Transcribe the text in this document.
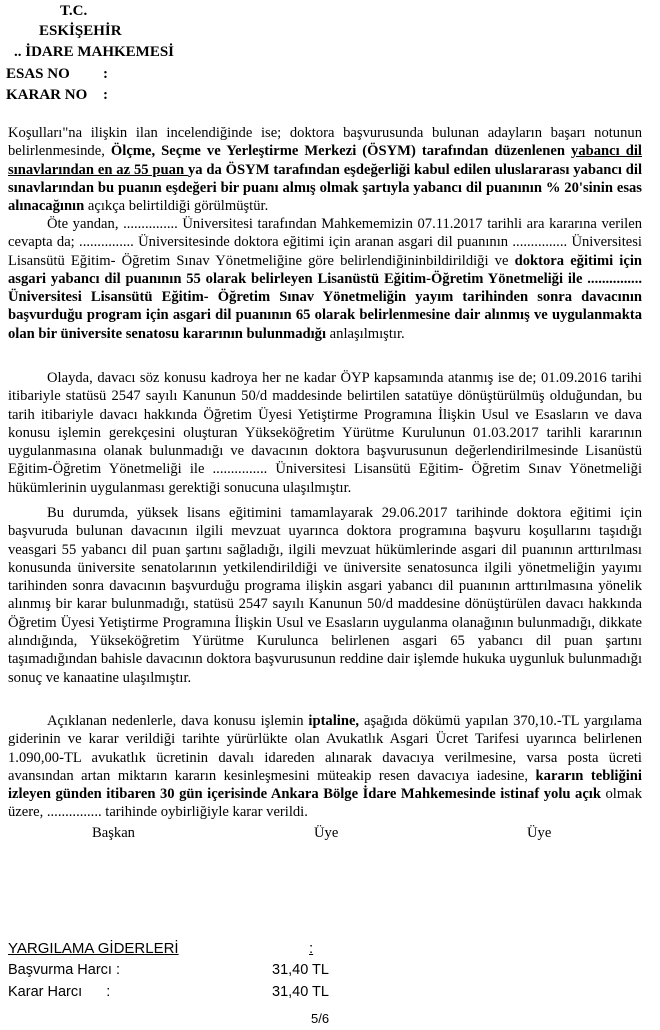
T.C.
ESKİŞEHİR
.. İDARE MAHKEMESİ
ESAS NO :
KARAR NO :

Koşulları"na ilişkin ilan incelendiğinde ise; doktora başvurusunda bulunan adayların başarı notunun belirlenmesinde, Ölçme, Seçme ve Yerleştirme Merkezi (ÖSYM) tarafından düzenlenen yabancı dil sınavlarından en az 55 puan ya da ÖSYM tarafından eşdeğerliği kabul edilen uluslararası yabancı dil sınavlarından bu puanın eşdeğeri bir puanı almış olmak şartıyla yabancı dil puanının % 20'sinin esas alınacağının açıkça belirtildiği görülmüştür.

Öte yandan, ............... Üniversitesi tarafından Mahkememizin 07.11.2017 tarihli ara kararına verilen cevapta da; ............... Üniversitesinde doktora eğitimi için aranan asgari dil puanının ............... Üniversitesi Lisansütü Eğitim- Öğretim Sınav Yönetmeliğine göre belirlendiğininbildirildiği ve doktora eğitimi için asgari yabancı dil puanının 55 olarak belirleyen Lisanüstü Eğitim-Öğretim Yönetmeliği ile ............... Üniversitesi Lisansütü Eğitim- Öğretim Sınav Yönetmeliğin yayım tarihinden sonra davacının başvurduğu program için asgari dil puanının 65 olarak belirlenmesine dair alınmış ve uygulanmakta olan bir üniversite senatosu kararının bulunmadığı anlaşılmıştır.

Olayda, davacı söz konusu kadroya her ne kadar ÖYP kapsamında atanmış ise de; 01.09.2016 tarihi itibariyle statüsü 2547 sayılı Kanunun 50/d maddesinde belirtilen satatüye dönüştürülmüş olduğundan, bu tarih itibariyle davacı hakkında Öğretim Üyesi Yetiştirme Programına İlişkin Usul ve Esasların ve dava konusu işlemin gerekçesini oluşturan Yükseköğretim Yürütme Kurulunun 01.03.2017 tarihli kararının uygulanmasına olanak bulunmadığı ve davacının doktora başvurusunun değerlendirilmesinde Lisanüstü Eğitim-Öğretim Yönetmeliği ile ............... Üniversitesi Lisansütü Eğitim- Öğretim Sınav Yönetmeliği hükümlerinin uygulanması gerektiği sonucuna ulaşılmıştır.

Bu durumda, yüksek lisans eğitimini tamamlayarak 29.06.2017 tarihinde doktora eğitimi için başvuruda bulunan davacının ilgili mevzuat uyarınca doktora programına başvuru koşullarını taşıdığı veasgari 55 yabancı dil puan şartını sağladığı, ilgili mevzuat hükümlerinde asgari dil puanının arttırılması konusunda üniversite senatolarının yetkilendirildiği ve üniversite senatosunca ilgili yönetmeliğin yayımı tarihinden sonra davacının başvurduğu programa ilişkin asgari yabancı dil puanının arttırılmasına yönelik alınmış bir karar bulunmadığı, statüsü 2547 sayılı Kanunun 50/d maddesine dönüştürülen davacı hakkında Öğretim Üyesi Yetiştirme Programına İlişkin Usul ve Esasların uygulanma olanağının bulunmadığı, dikkate alındığında, Yükseköğretim Yürütme Kurulunca belirlenen asgari 65 yabancı dil puan şartını taşımadığından bahisle davacının doktora başvurusunun reddine dair işlemde hukuka uygunluk bulunmadığı sonuç ve kanaatine ulaşılmıştır.

Açıklanan nedenlerle, dava konusu işlemin iptaline, aşağıda dökümü yapılan 370,10.-TL yargılama giderinin ve karar verildiği tarihte yürürlükte olan Avukatlık Asgari Ücret Tarifesi uyarınca belirlenen 1.090,00-TL avukatlık ücretinin davalı idareden alınarak davacıya verilmesine, varsa posta ücreti avansından artan miktarın kararın kesinleşmesini müteakip resen davacıya iadesine, kararın tebliğini izleyen günden itibaren 30 gün içerisinde Ankara Bölge İdare Mahkemesinde istinaf yolu açık olmak üzere, ............... tarihinde oybirliğiyle karar verildi.

Başkan	Üye	Üye
YARGILAMA GİDERLERİ	:
Başvurma Harcı :	31,40 TL
Karar Harcı      :	31,40 TL
5/6
